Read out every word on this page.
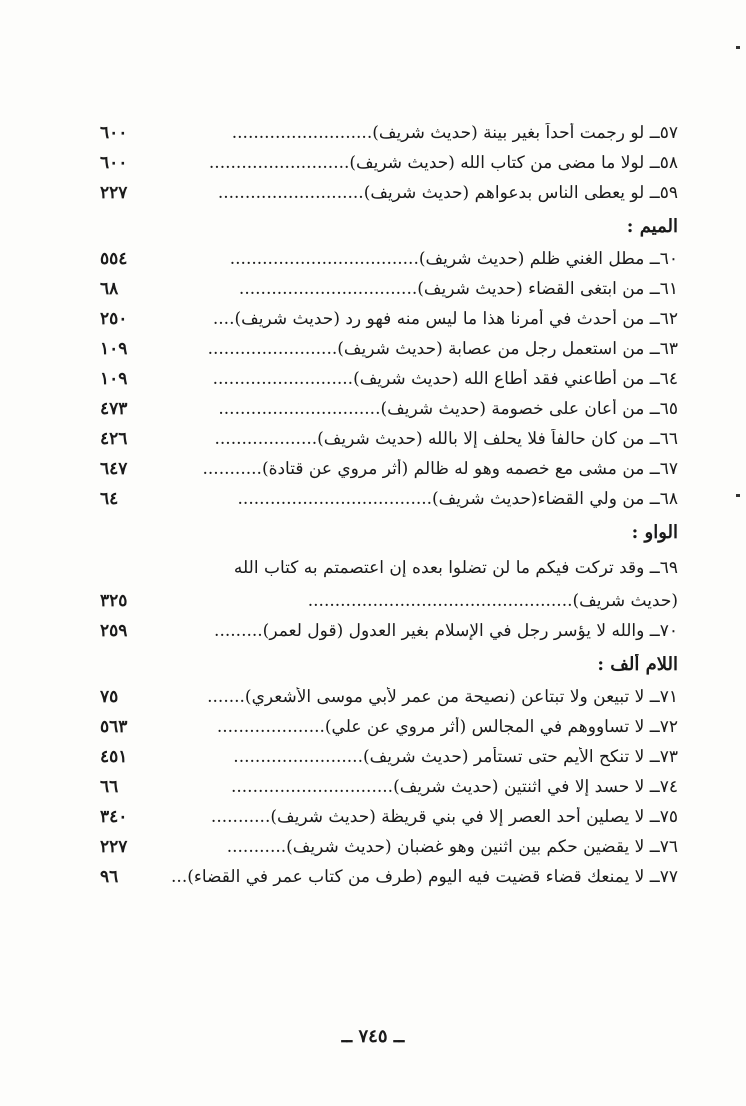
٥٧ــ لو رجمت أحداً بغير بينة (حديث شريف)..........................
٦٠٠
٥٨ــ لولا ما مضى من كتاب الله (حديث شريف)..........................
٦٠٠
٥٩ــ لو يعطى الناس بدعواهم (حديث شريف)...........................
٢٢٧
الميم :
٦٠ــ مطل الغني ظلم (حديث شريف)...................................
٥٥٤
٦١ــ من ابتغى القضاء (حديث شريف).................................
٦٨
٦٢ــ من أحدث في أمرنا هذا ما ليس منه فهو رد (حديث شريف)....
٢٥٠
٦٣ــ من استعمل رجل من عصابة (حديث شريف)........................
١٠٩
٦٤ــ من أطاعني فقد أطاع الله (حديث شريف)..........................
١٠٩
٦٥ــ من أعان على خصومة (حديث شريف)..............................
٤٧٣
٦٦ــ من كان حالفاً فلا يحلف إلا بالله (حديث شريف)...................
٤٢٦
٦٧ــ من مشى مع خصمه وهو له ظالم (أثر مروي عن قتادة)...........
٦٤٧
٦٨ــ من ولي القضاء(حديث شريف)....................................
٦٤
الواو :
٦٩ــ وقد تركت فيكم ما لن تضلوا بعده إن اعتصمتم به كتاب الله
(حديث شريف).................................................
٣٢٥
٧٠ــ والله لا يؤسر رجل في الإسلام بغير العدول (قول لعمر).........
٢٥٩
اللام ألف :
٧١ــ لا تبيعن ولا تبتاعن (نصيحة من عمر لأبي موسى الأشعري).......
٧٥
٧٢ــ لا تساووهم في المجالس (أثر مروي عن علي)....................
٥٦٣
٧٣ــ لا تنكح الأيم حتى تستأمر (حديث شريف)........................
٤٥١
٧٤ــ لا حسد إلا في اثنتين (حديث شريف)..............................
٦٦
٧٥ــ لا يصلين أحد العصر إلا في بني قريظة (حديث شريف)...........
٣٤٠
٧٦ــ لا يقضين حكم بين اثنين وهو غضبان (حديث شريف)...........
٢٢٧
٧٧ــ لا يمنعك قضاء قضيت فيه اليوم (طرف من كتاب عمر في القضاء)...
٩٦
ــ ٧٤٥ ــ
